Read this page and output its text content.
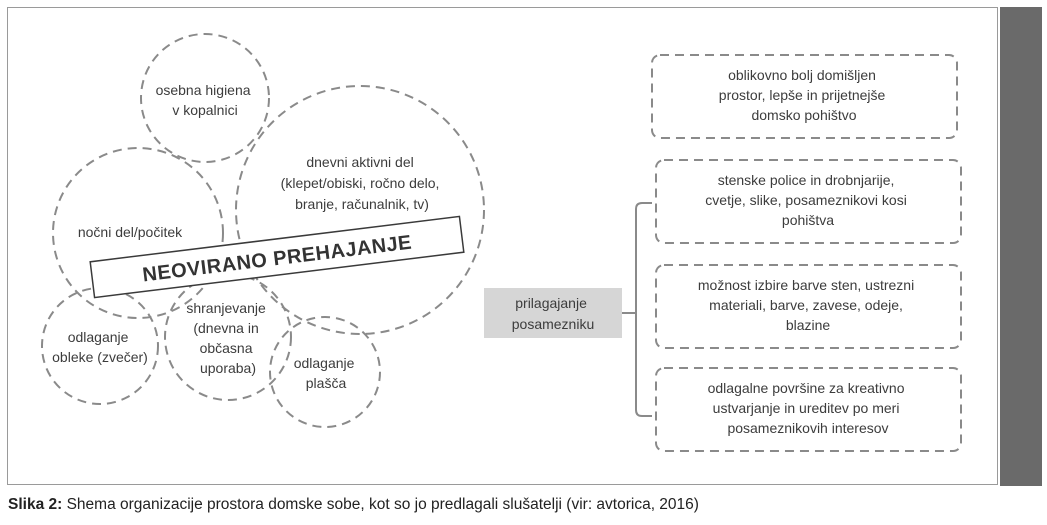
osebna higiena v kopalnici
dnevni aktivni del (klepet/obiski, ročno delo, branje, računalnik, tv)
nočni del/počitek
odlaganje obleke (zvečer)
shranjevanje (dnevna in občasna uporaba)	odlaganje plašča
NEOVIRANO PREHAJANJE
prilagajanje posamezniku
oblikovno bolj domišljen prostor, lepše in prijetnejše domsko pohištvo
stenske police in drobnjarije, cvetje, slike, posameznikovi kosi pohištva
možnost izbire barve sten, ustrezni materiali, barve, zavese, odeje, blazine
odlagalne površine za kreativno ustvarjanje in ureditev po meri posameznikovih interesov
Slika 2: Shema organizacije prostora domske sobe, kot so jo predlagali slušatelji (vir: avtorica, 2016)
